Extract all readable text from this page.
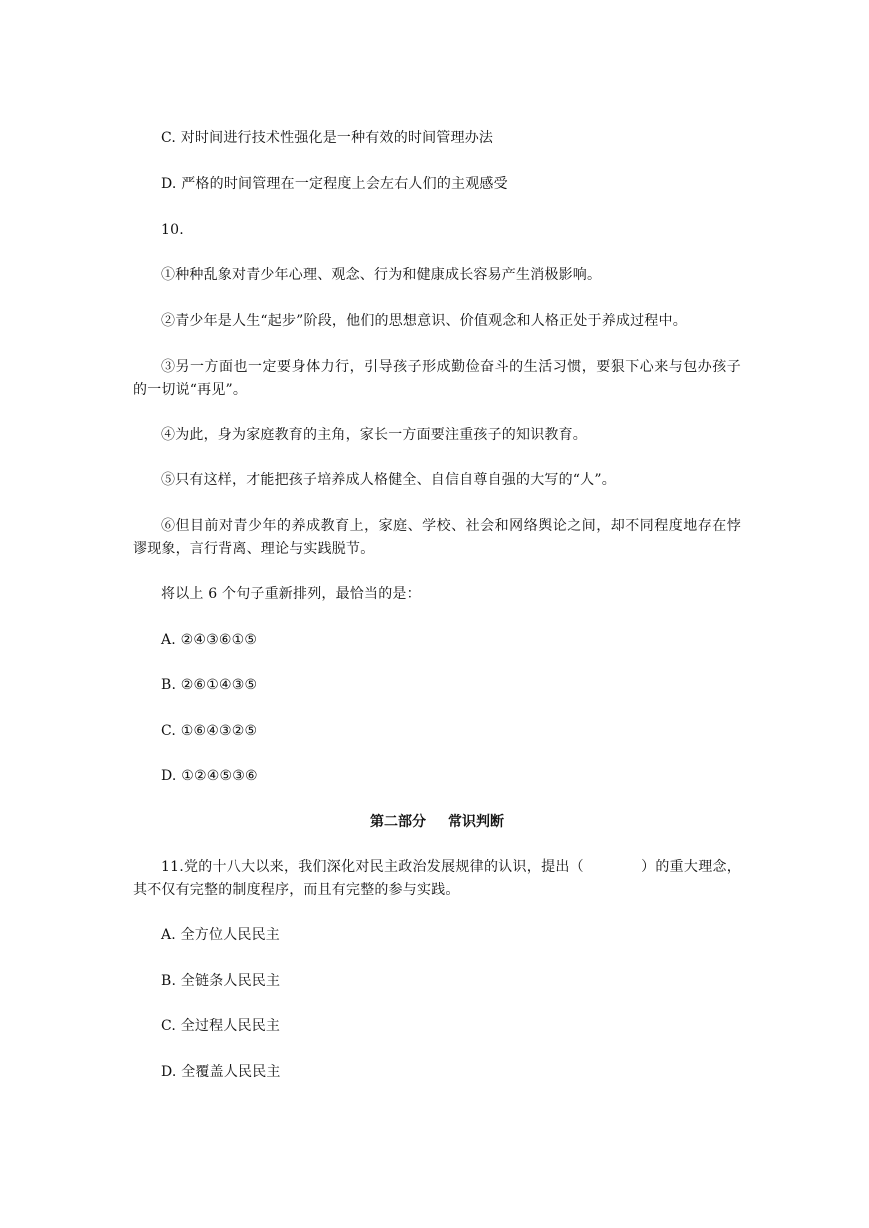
C. 对时间进行技术性强化是一种有效的时间管理办法
D. 严格的时间管理在一定程度上会左右人们的主观感受
10.
①种种乱象对青少年心理、观念、行为和健康成长容易产生消极影响。
②青少年是人生“起步”阶段，他们的思想意识、价值观念和人格正处于养成过程中。
③另一方面也一定要身体力行，引导孩子形成勤俭奋斗的生活习惯，要狠下心来与包办孩子的一切说“再见”。
④为此，身为家庭教育的主角，家长一方面要注重孩子的知识教育。
⑤只有这样，才能把孩子培养成人格健全、自信自尊自强的大写的“人”。
⑥但目前对青少年的养成教育上，家庭、学校、社会和网络舆论之间，却不同程度地存在悖谬现象，言行背离、理论与实践脱节。
将以上 6 个句子重新排列，最恰当的是：
A. ②④③⑥①⑤
B. ②⑥①④③⑤
C. ①⑥④③②⑤
D. ①②④⑤③⑥
第二部分 常识判断
11.党的十八大以来，我们深化对民主政治发展规律的认识，提出（　　　　）的重大理念，其不仅有完整的制度程序，而且有完整的参与实践。
A. 全方位人民民主
B. 全链条人民民主
C. 全过程人民民主
D. 全覆盖人民民主
